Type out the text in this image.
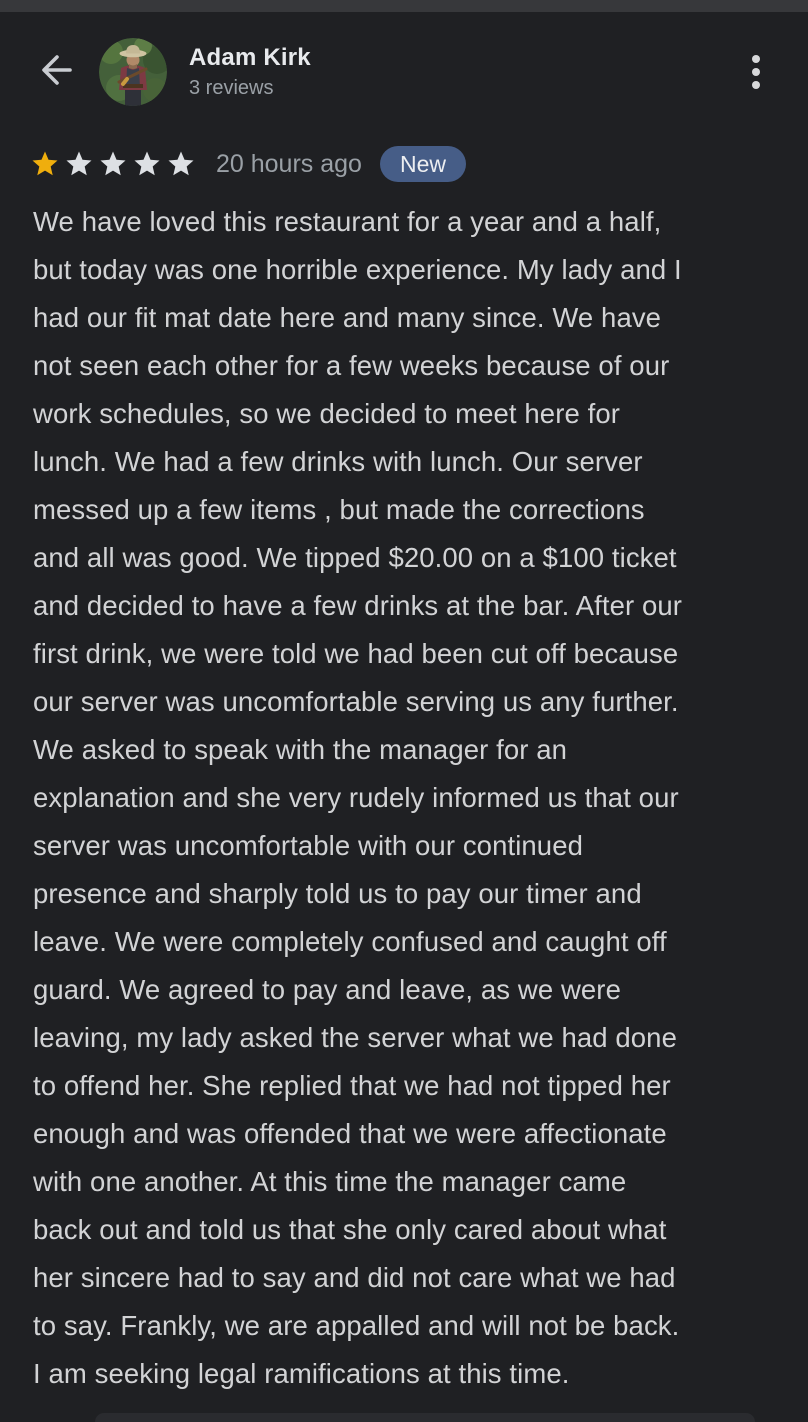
Adam Kirk
3 reviews
20 hours ago	New
We have loved this restaurant for a year and a half,
but today was one horrible experience. My lady and I
had our fit mat date here and many since. We have
not seen each other for a few weeks because of our
work schedules, so we decided to meet here for
lunch. We had a few drinks with lunch. Our server
messed up a few items , but made the corrections
and all was good. We tipped $20.00 on a $100 ticket
and decided to have a few drinks at the bar. After our
first drink, we were told we had been cut off because
our server was uncomfortable serving us any further.
We asked to speak with the manager for an
explanation and she very rudely informed us that our
server was uncomfortable with our continued
presence and sharply told us to pay our timer and
leave. We were completely confused and caught off
guard. We agreed to pay and leave, as we were
leaving, my lady asked the server what we had done
to offend her. She replied that we had not tipped her
enough and was offended that we were affectionate
with one another. At this time the manager came
back out and told us that she only cared about what
her sincere had to say and did not care what we had
to say. Frankly, we are appalled and will not be back.
I am seeking legal ramifications at this time.
